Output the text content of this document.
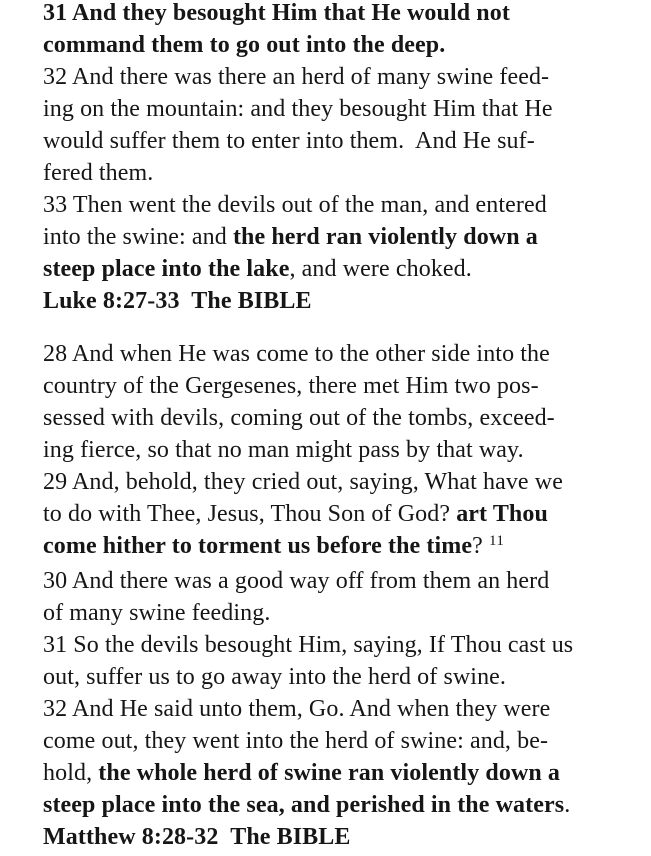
31 And they besought Him that He would not
command them to go out into the deep.
32 And there was there an herd of many swine feed-
ing on the mountain: and they besought Him that He
would suffer them to enter into them.  And He suf-
fered them.
33 Then went the devils out of the man, and entered
into the swine: and the herd ran violently down a
steep place into the lake, and were choked.
Luke 8:27-33  The BIBLE
28 And when He was come to the other side into the
country of the Gergesenes, there met Him two pos-
sessed with devils, coming out of the tombs, exceed-
ing fierce, so that no man might pass by that way.
29 And, behold, they cried out, saying, What have we
to do with Thee, Jesus, Thou Son of God? art Thou
come hither to torment us before the time? $^{11}$
30 And there was a good way off from them an herd
of many swine feeding.
31 So the devils besought Him, saying, If Thou cast us
out, suffer us to go away into the herd of swine.
32 And He said unto them, Go. And when they were
come out, they went into the herd of swine: and, be-
hold, the whole herd of swine ran violently down a
steep place into the sea, and perished in the waters.
Matthew 8:28-32  The BIBLE
